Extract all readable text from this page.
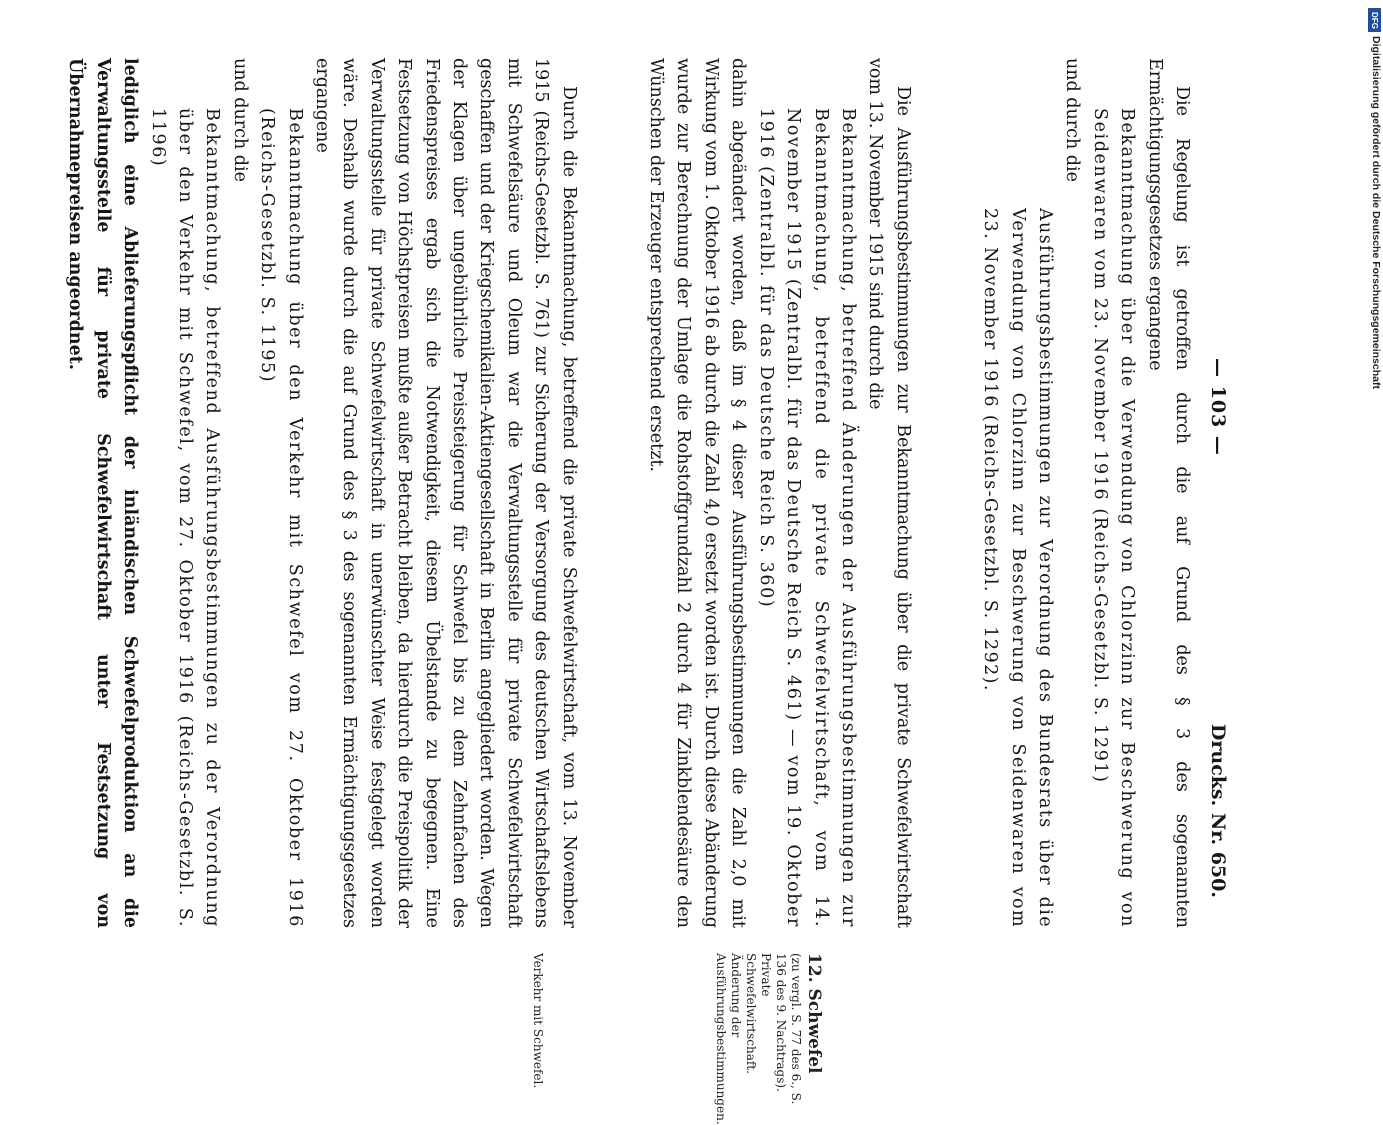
— 103 —
Drucks. Nr. 650.

Die Regelung ist getroffen durch die auf Grund des § 3 des sogenannten Ermächtigungsgesetzes ergangene

Bekanntmachung über die Verwendung von Chlorzinn zur Beschwerung von Seidenwaren vom 23. November 1916 (Reichs-Gesetzbl. S. 1291)

und durch die

Ausführungsbestimmungen zur Verordnung des Bundesrats über die Verwendung von Chlorzinn zur Beschwerung von Seidenwaren vom 23. November 1916 (Reichs-Gesetzbl. S. 1292).

Die Ausführungsbestimmungen zur Bekanntmachung über die private Schwefelwirtschaft vom 13. November 1915 sind durch die

Bekanntmachung, betreffend Änderungen der Ausführungsbestimmungen zur Bekanntmachung, betreffend die private Schwefelwirtschaft, vom 14. November 1915 (Zentralbl. für das Deutsche Reich S. 461) — vom 19. Oktober 1916 (Zentralbl. für das Deutsche Reich S. 360)

dahin abgeändert worden, daß im § 4 dieser Ausführungsbestimmungen die Zahl 2,0 mit Wirkung vom 1. Oktober 1916 ab durch die Zahl 4,0 ersetzt worden ist. Durch diese Abänderung wurde zur Berechnung der Umlage die Rohstoffgrundzahl 2 durch 4 für Zinkblendesäure den Wünschen der Erzeuger entsprechend ersetzt.

Durch die Bekanntmachung, betreffend die private Schwefelwirtschaft, vom 13. November 1915 (Reichs-Gesetzbl. S. 761) zur Sicherung der Versorgung des deutschen Wirtschaftslebens mit Schwefelsäure und Oleum war die Verwaltungsstelle für private Schwefelwirtschaft geschaffen und der Kriegschemikalien-Aktiengesellschaft in Berlin angegliedert worden. Wegen der Klagen über ungebührliche Preissteigerung für Schwefel bis zu dem Zehnfachen des Friedenspreises ergab sich die Notwendigkeit, diesem Übelstande zu begegnen. Eine Festsetzung von Höchstpreisen mußte außer Betracht bleiben, da hierdurch die Preispolitik der Verwaltungsstelle für private Schwefelwirtschaft in unerwünschter Weise festgelegt worden wäre. Deshalb wurde durch die auf Grund des § 3 des sogenannten Ermächtigungsgesetzes ergangene

Bekanntmachung über den Verkehr mit Schwefel vom 27. Oktober 1916 (Reichs-Gesetzbl. S. 1195)

und durch die

Bekanntmachung, betreffend Ausführungsbestimmungen zu der Verordnung über den Verkehr mit Schwefel, vom 27. Oktober 1916 (Reichs-Gesetzbl. S. 1196)

lediglich eine Ablieferungspflicht der inländischen Schwefelproduktion an die Verwaltungsstelle für private Schwefelwirtschaft unter Festsetzung von Übernahmepreisen angeordnet.

12. Schwefel
(zu vergl. S. 77 des 6., S. 136 des 9. Nachtrags).
Private Schwefelwirtschaft.
Änderung der Ausführungsbestimmungen.
Verkehr mit Schwefel.
DFG
Digitalisierung gefördert durch die Deutsche Forschungsgemeinschaft
